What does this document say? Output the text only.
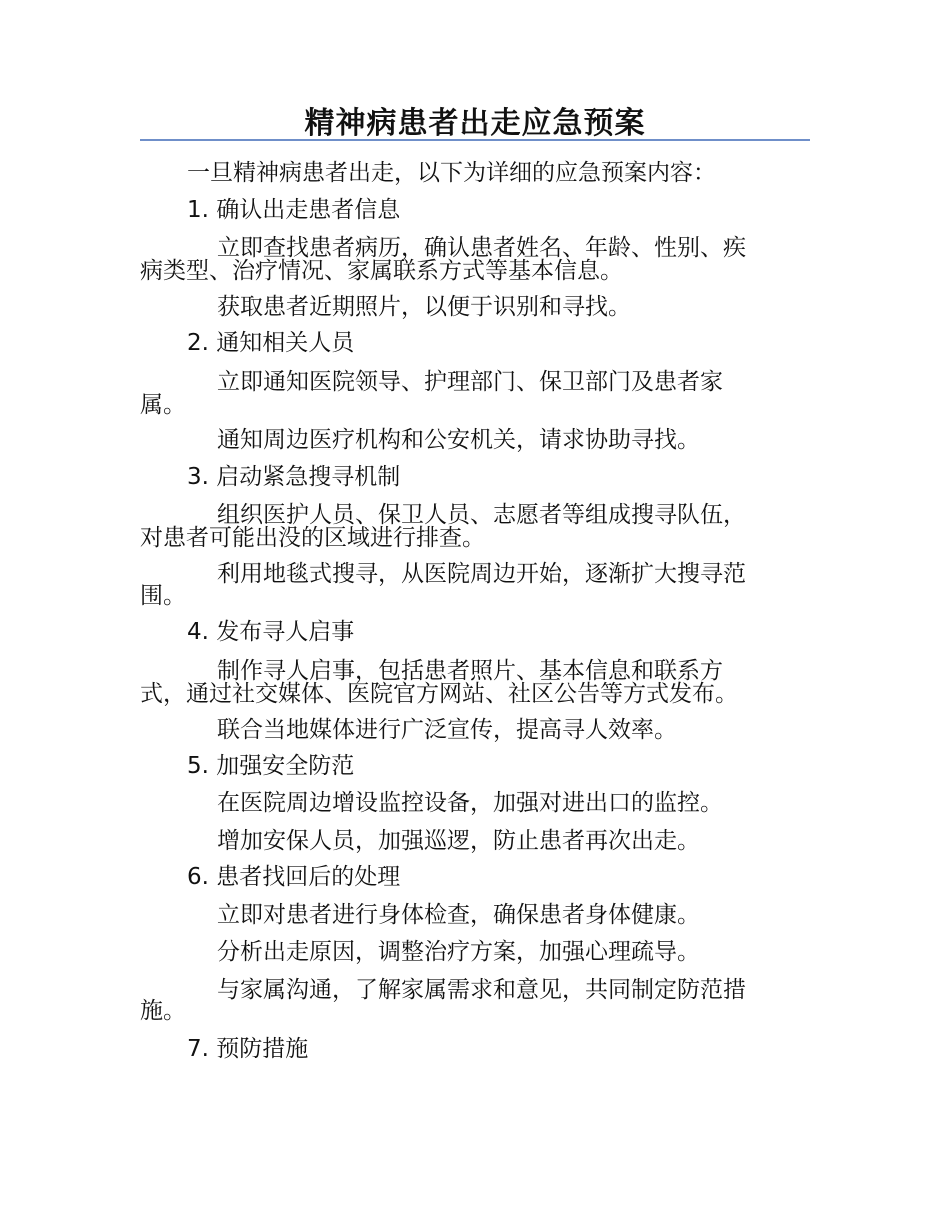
精神病患者出走应急预案
一旦精神病患者出走，以下为详细的应急预案内容：
1. 确认出走患者信息
立即查找患者病历，确认患者姓名、年龄、性别、疾
病类型、治疗情况、家属联系方式等基本信息。
获取患者近期照片，以便于识别和寻找。
2. 通知相关人员
立即通知医院领导、护理部门、保卫部门及患者家
属。
通知周边医疗机构和公安机关，请求协助寻找。
3. 启动紧急搜寻机制
组织医护人员、保卫人员、志愿者等组成搜寻队伍，
对患者可能出没的区域进行排查。
利用地毯式搜寻，从医院周边开始，逐渐扩大搜寻范
围。
4. 发布寻人启事
制作寻人启事，包括患者照片、基本信息和联系方
式，通过社交媒体、医院官方网站、社区公告等方式发布。
联合当地媒体进行广泛宣传，提高寻人效率。
5. 加强安全防范
在医院周边增设监控设备，加强对进出口的监控。
增加安保人员，加强巡逻，防止患者再次出走。
6. 患者找回后的处理
立即对患者进行身体检查，确保患者身体健康。
分析出走原因，调整治疗方案，加强心理疏导。
与家属沟通，了解家属需求和意见，共同制定防范措
施。
7. 预防措施
